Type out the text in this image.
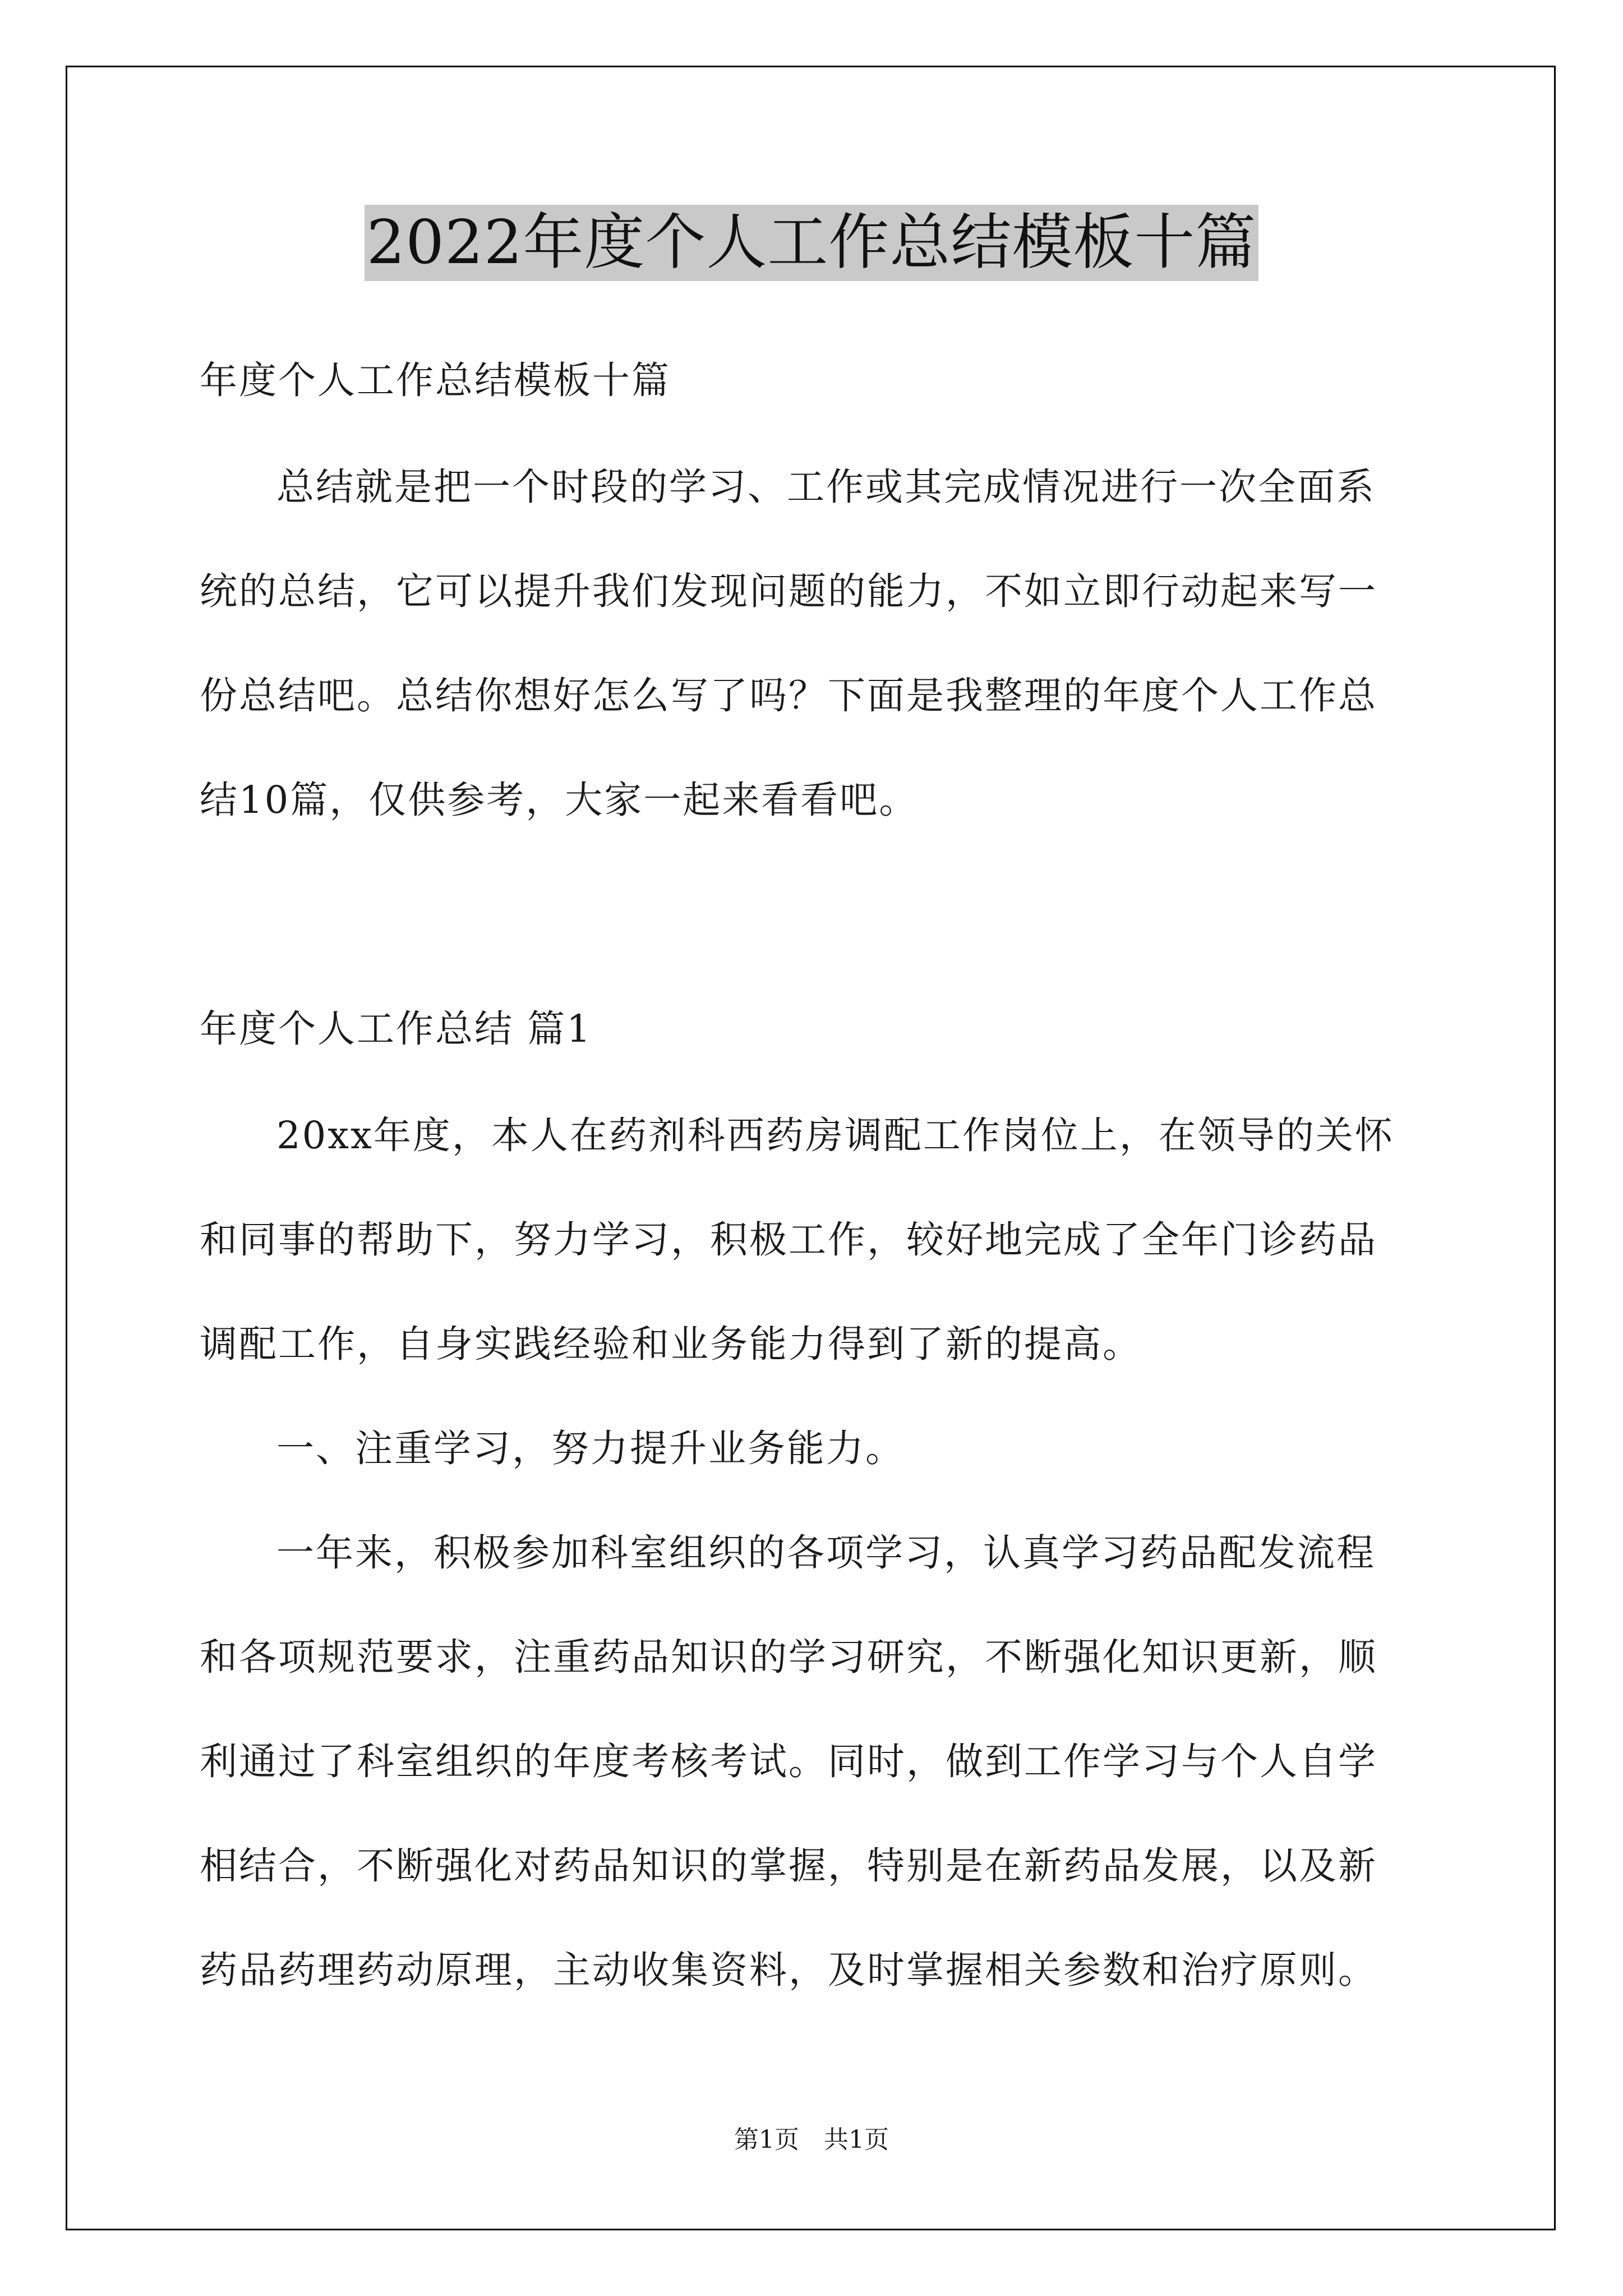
2022年度个人工作总结模板十篇
年度个人工作总结模板十篇
总结就是把一个时段的学习、工作或其完成情况进行一次全面系
统的总结，它可以提升我们发现问题的能力，不如立即行动起来写一
份总结吧。总结你想好怎么写了吗？下面是我整理的年度个人工作总
结10篇，仅供参考，大家一起来看看吧。
年度个人工作总结 篇1
20xx年度，本人在药剂科西药房调配工作岗位上，在领导的关怀
和同事的帮助下，努力学习，积极工作，较好地完成了全年门诊药品
调配工作，自身实践经验和业务能力得到了新的提高。
一、注重学习，努力提升业务能力。
一年来，积极参加科室组织的各项学习，认真学习药品配发流程
和各项规范要求，注重药品知识的学习研究，不断强化知识更新，顺
利通过了科室组织的年度考核考试。同时，做到工作学习与个人自学
相结合，不断强化对药品知识的掌握，特别是在新药品发展，以及新
药品药理药动原理，主动收集资料，及时掌握相关参数和治疗原则。
第1页 共1页
